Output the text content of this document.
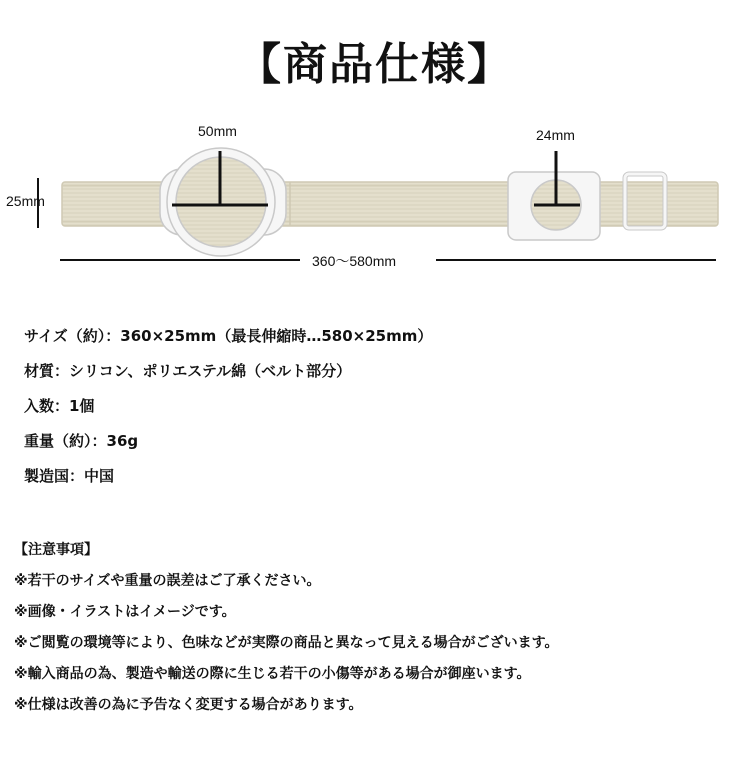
【商品仕様】
50mm	24mm
25mm
360〜580mm
サイズ（約）：360×25mm（最長伸縮時…580×25mm）
材質：シリコン、ポリエステル綿（ベルト部分）
入数：1個
重量（約）：36g
製造国：中国
【注意事項】
※若干のサイズや重量の誤差はご了承ください。
※画像・イラストはイメージです。
※ご閲覧の環境等により、色味などが実際の商品と異なって見える場合がございます。
※輸入商品の為、製造や輸送の際に生じる若干の小傷等がある場合が御座います。
※仕様は改善の為に予告なく変更する場合があります。
